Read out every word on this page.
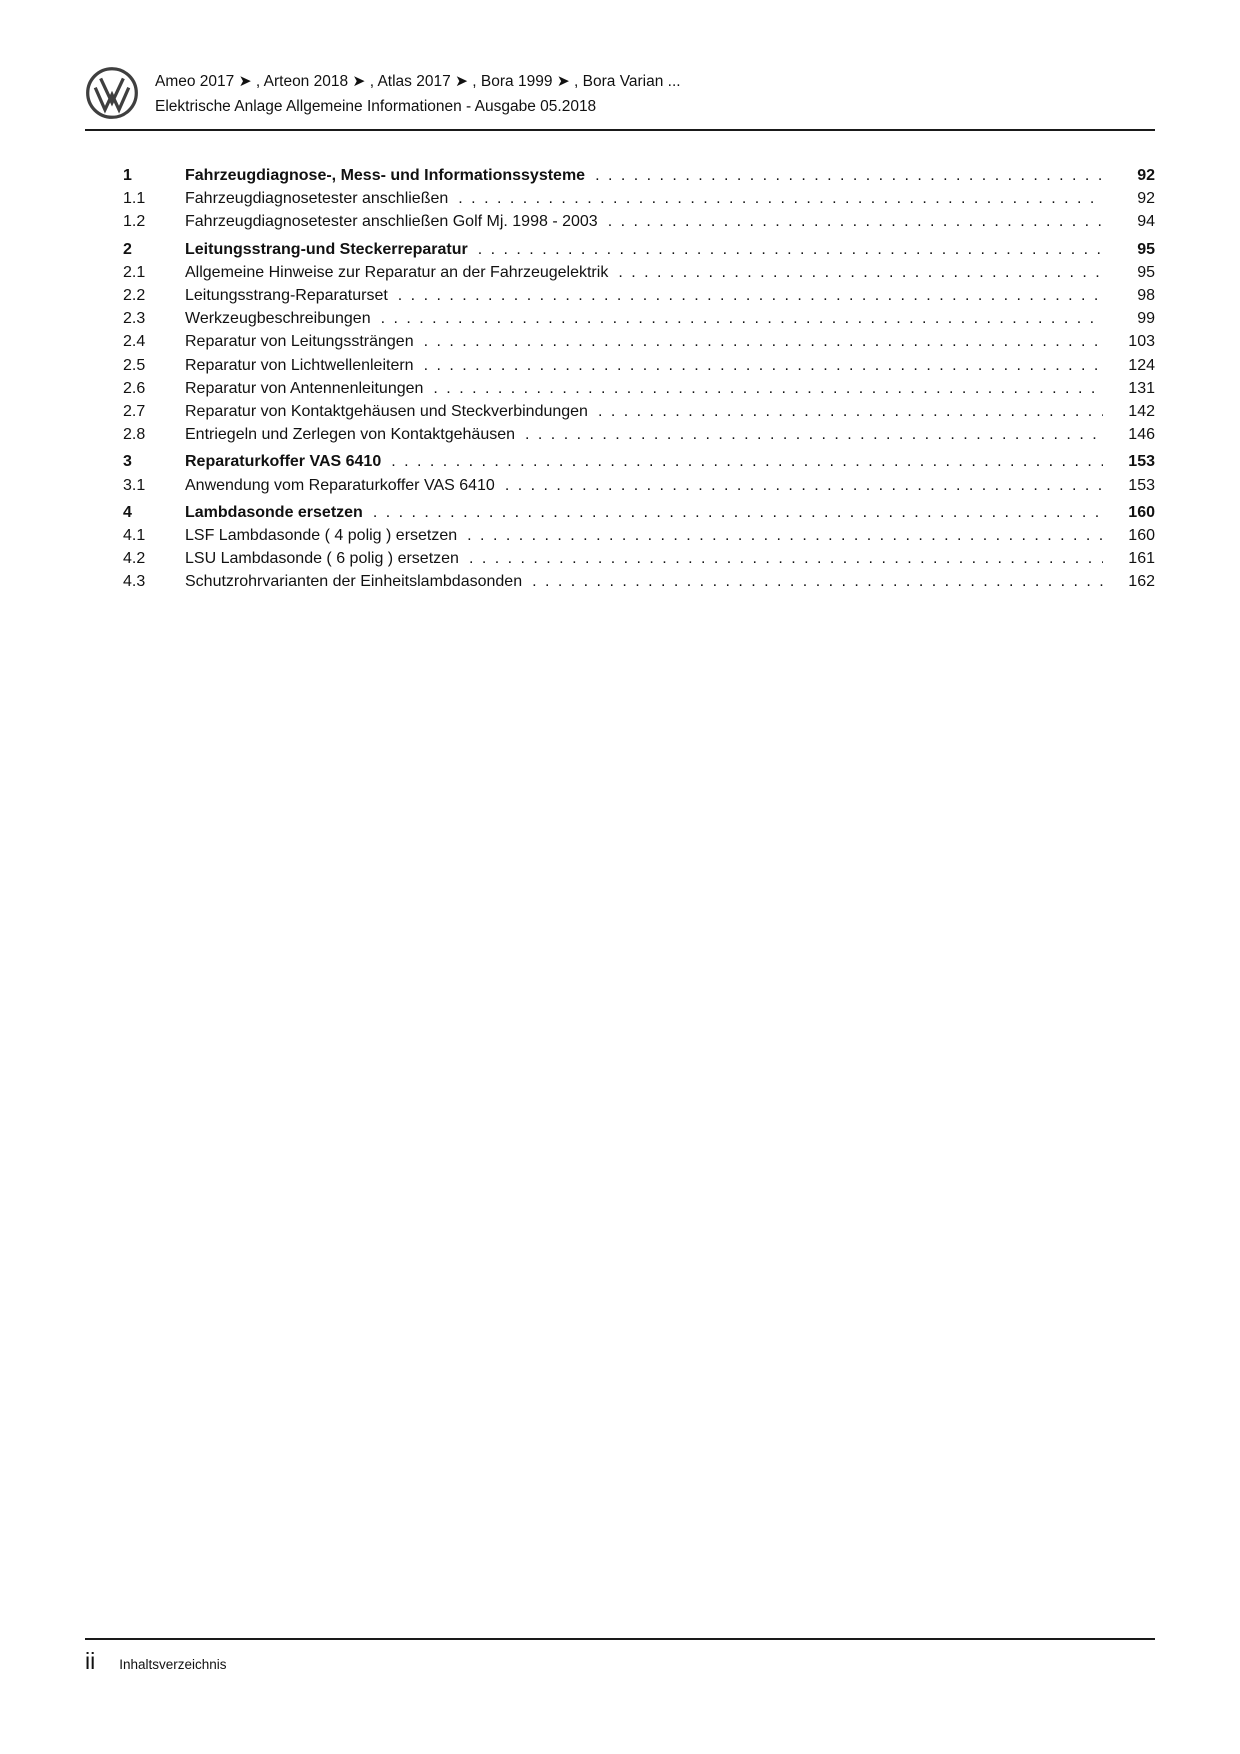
Ameo 2017 ➤ , Arteon 2018 ➤ , Atlas 2017 ➤ , Bora 1999 ➤ , Bora Varian ...
Elektrische Anlage Allgemeine Informationen - Ausgabe 05.2018
1	Fahrzeugdiagnose-, Mess- und Informationssysteme . . .	92
1.1	Fahrzeugdiagnosetester anschließen . . .	92
1.2	Fahrzeugdiagnosetester anschließen Golf Mj. 1998 - 2003 . . .	94
2	Leitungsstrang-und Steckerreparatur . . .	95
2.1	Allgemeine Hinweise zur Reparatur an der Fahrzeugelektrik . . .	95
2.2	Leitungsstrang-Reparaturset . . .	98
2.3	Werkzeugbeschreibungen . . .	99
2.4	Reparatur von Leitungssträngen . . .	103
2.5	Reparatur von Lichtwellenleitern . . .	124
2.6	Reparatur von Antennenleitungen . . .	131
2.7	Reparatur von Kontaktgehäusen und Steckverbindungen . . .	142
2.8	Entriegeln und Zerlegen von Kontaktgehäusen . . .	146
3	Reparaturkoffer VAS 6410 . . .	153
3.1	Anwendung vom Reparaturkoffer VAS 6410 . . .	153
4	Lambdasonde ersetzen . . .	160
4.1	LSF Lambdasonde ( 4 polig ) ersetzen . . .	160
4.2	LSU Lambdasonde ( 6 polig ) ersetzen . . .	161
4.3	Schutzrohrvarianten der Einheitslambdasonden . . .	162
ii Inhaltsverzeichnis
